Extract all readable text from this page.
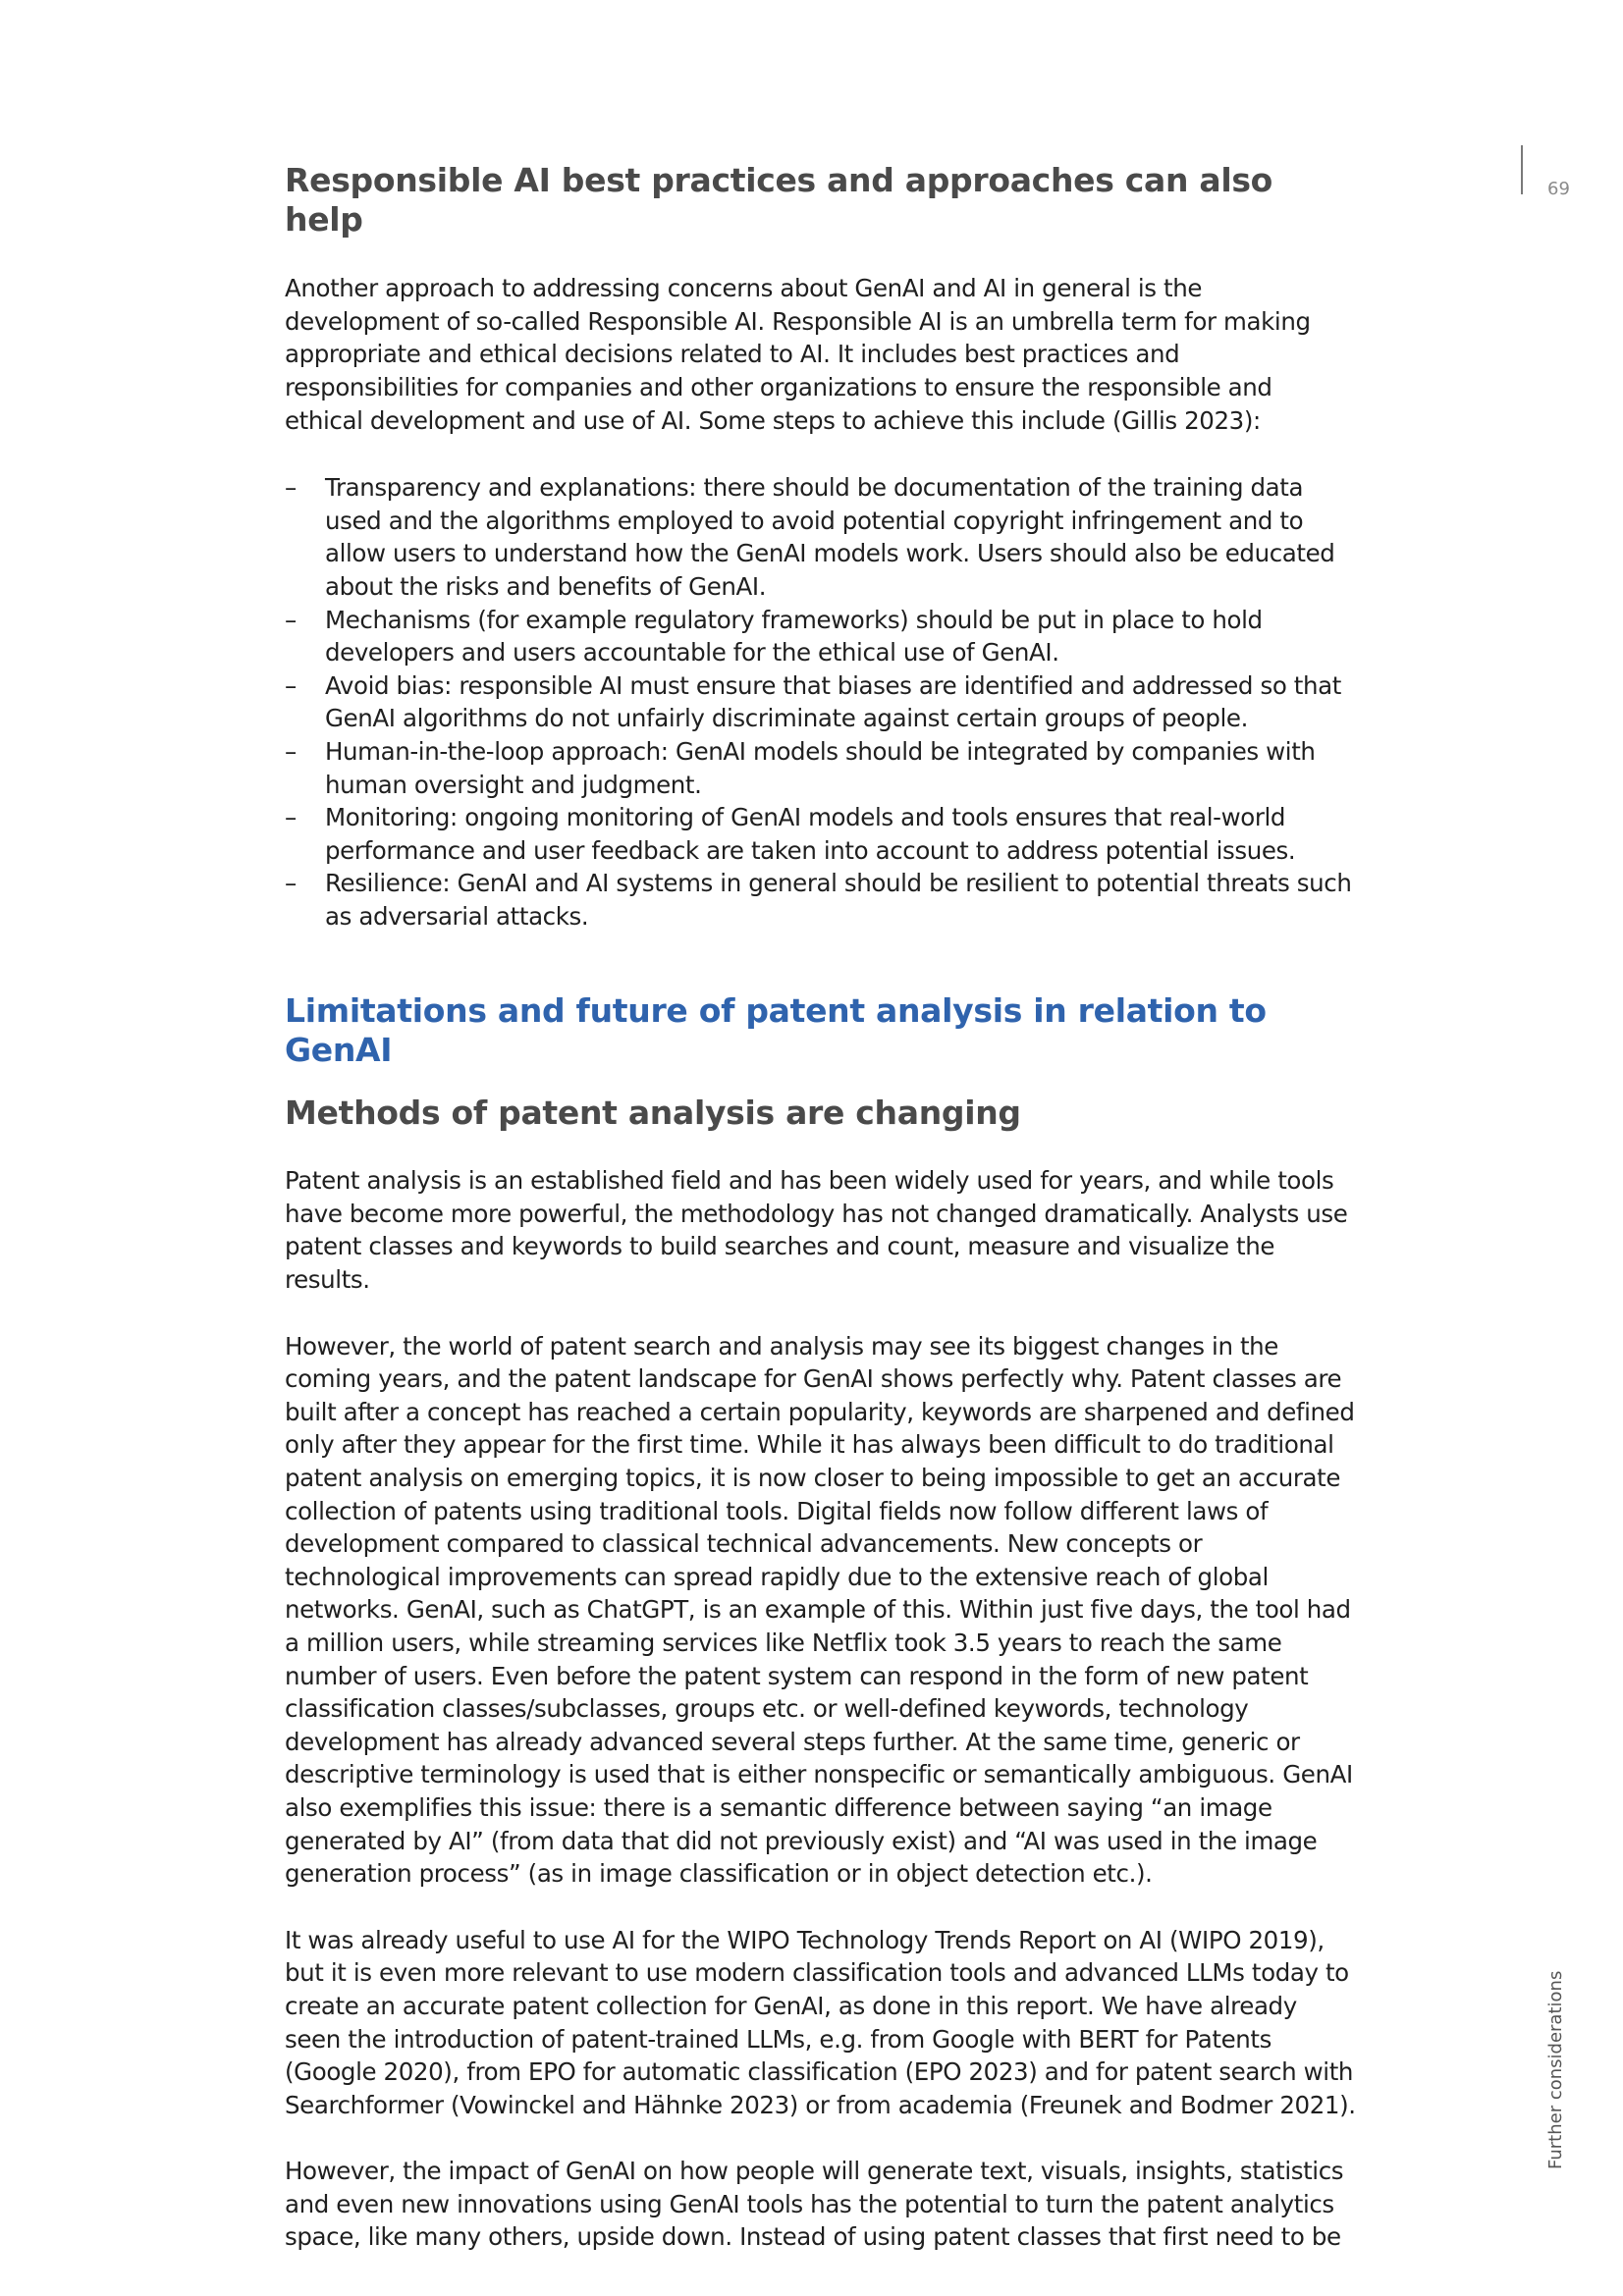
69
Further considerations
Responsible AI best practices and approaches can also help

Another approach to addressing concerns about GenAI and AI in general is the development of so-called Responsible AI. Responsible AI is an umbrella term for making appropriate and ethical decisions related to AI. It includes best practices and responsibilities for companies and other organizations to ensure the responsible and ethical development and use of AI. Some steps to achieve this include (Gillis 2023):

– Transparency and explanations: there should be documentation of the training data used and the algorithms employed to avoid potential copyright infringement and to allow users to understand how the GenAI models work. Users should also be educated about the risks and benefits of GenAI.
– Mechanisms (for example regulatory frameworks) should be put in place to hold developers and users accountable for the ethical use of GenAI.
– Avoid bias: responsible AI must ensure that biases are identified and addressed so that GenAI algorithms do not unfairly discriminate against certain groups of people.
– Human-in-the-loop approach: GenAI models should be integrated by companies with human oversight and judgment.
– Monitoring: ongoing monitoring of GenAI models and tools ensures that real-world performance and user feedback are taken into account to address potential issues.
– Resilience: GenAI and AI systems in general should be resilient to potential threats such as adversarial attacks.
Limitations and future of patent analysis in relation to GenAI
Methods of patent analysis are changing

Patent analysis is an established field and has been widely used for years, and while tools have become more powerful, the methodology has not changed dramatically. Analysts use patent classes and keywords to build searches and count, measure and visualize the results.

However, the world of patent search and analysis may see its biggest changes in the coming years, and the patent landscape for GenAI shows perfectly why. Patent classes are built after a concept has reached a certain popularity, keywords are sharpened and defined only after they appear for the first time. While it has always been difficult to do traditional patent analysis on emerging topics, it is now closer to being impossible to get an accurate collection of patents using traditional tools. Digital fields now follow different laws of development compared to classical technical advancements. New concepts or technological improvements can spread rapidly due to the extensive reach of global networks. GenAI, such as ChatGPT, is an example of this. Within just five days, the tool had a million users, while streaming services like Netflix took 3.5 years to reach the same number of users. Even before the patent system can respond in the form of new patent classification classes/subclasses, groups etc. or well-defined keywords, technology development has already advanced several steps further. At the same time, generic or descriptive terminology is used that is either nonspecific or semantically ambiguous. GenAI also exemplifies this issue: there is a semantic difference between saying “an image generated by AI” (from data that did not previously exist) and “AI was used in the image generation process” (as in image classification or in object detection etc.).

It was already useful to use AI for the WIPO Technology Trends Report on AI (WIPO 2019), but it is even more relevant to use modern classification tools and advanced LLMs today to create an accurate patent collection for GenAI, as done in this report. We have already seen the introduction of patent-trained LLMs, e.g. from Google with BERT for Patents (Google 2020), from EPO for automatic classification (EPO 2023) and for patent search with Searchformer (Vowinckel and Hähnke 2023) or from academia (Freunek and Bodmer 2021).

However, the impact of GenAI on how people will generate text, visuals, insights, statistics and even new innovations using GenAI tools has the potential to turn the patent analytics space, like many others, upside down. Instead of using patent classes that first need to be
